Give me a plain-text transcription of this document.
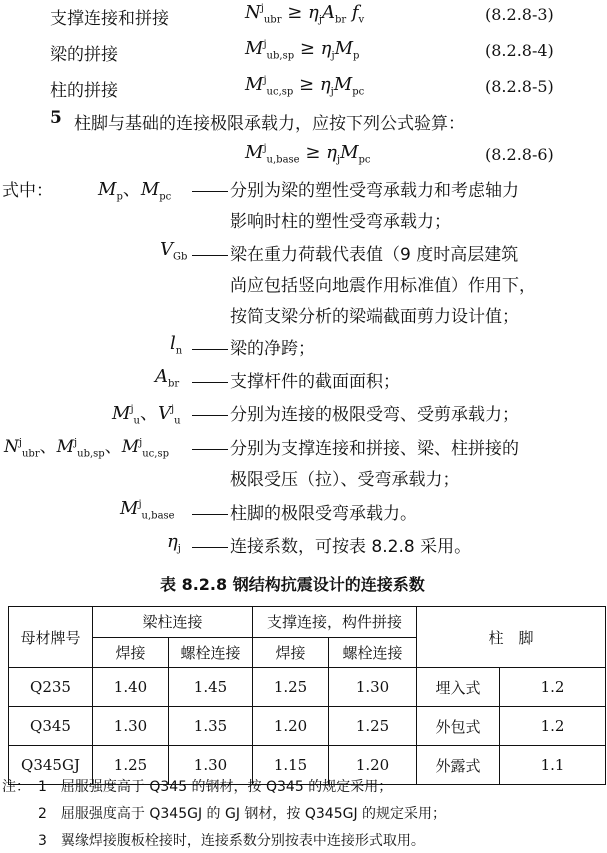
支撑连接和拼接	$N^j_{ubr} \ge \eta_jA_{br}$ $f_v$	(8.2.8-3)
梁的拼接	$M^j_{ub,sp} \ge \eta_jM_p$	(8.2.8-4)
柱的拼接	$M^j_{uc,sp} \ge \eta_jM_{pc}$	(8.2.8-5)
5 柱脚与基础的连接极限承载力，应按下列公式验算：
$M^j_{u,base} \ge \eta_jM_{pc}$	(8.2.8-6)
式中：	$M_p$、$M_{pc}$	分别为梁的塑性受弯承载力和考虑轴力
影响时柱的塑性受弯承载力；
$V_{Gb}$	梁在重力荷载代表值（9 度时高层建筑
尚应包括竖向地震作用标准值）作用下，
按简支梁分析的梁端截面剪力设计值；
$l_n$	梁的净跨；
$A_{br}$	支撑杆件的截面面积；
$M^j_u$、$V^j_u$	分别为连接的极限受弯、受剪承载力；
$N^j_{ubr}$、$M^j_{ub,sp}$、$M^j_{uc,sp}$	分别为支撑连接和拼接、梁、柱拼接的
极限受压（拉）、受弯承载力；
$M^j_{u,base}$	柱脚的极限受弯承载力。
$\eta_j$	连接系数，可按表 8.2.8 采用。
表 8.2.8 钢结构抗震设计的连接系数
母材牌号	梁柱连接		支撑连接，构件拼接		柱　脚	
	焊接	螺栓连接	焊接	螺栓连接		
Q235	1.40	1.45	1.25	1.30	埋入式	1.2
Q345	1.30	1.35	1.20	1.25	外包式	1.2
Q345GJ	1.25	1.30	1.15	1.20	外露式	1.1
注： 1　屈服强度高于 Q345 的钢材，按 Q345 的规定采用；
2　屈服强度高于 Q345GJ 的 GJ 钢材，按 Q345GJ 的规定采用；
3　翼缘焊接腹板栓接时，连接系数分别按表中连接形式取用。
